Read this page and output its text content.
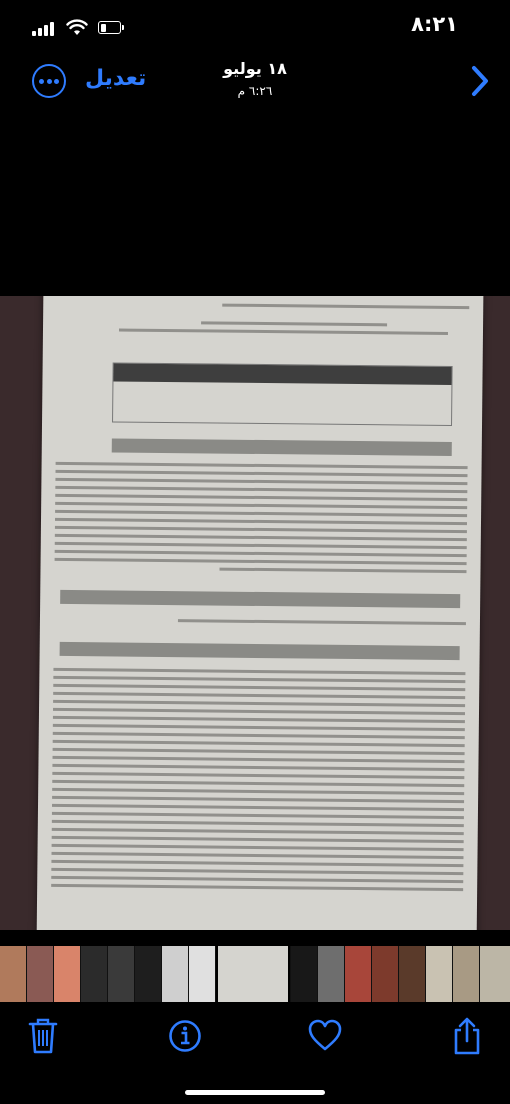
٨:٢١
تعديل	١٨ يوليو
٦:٢٦ م
